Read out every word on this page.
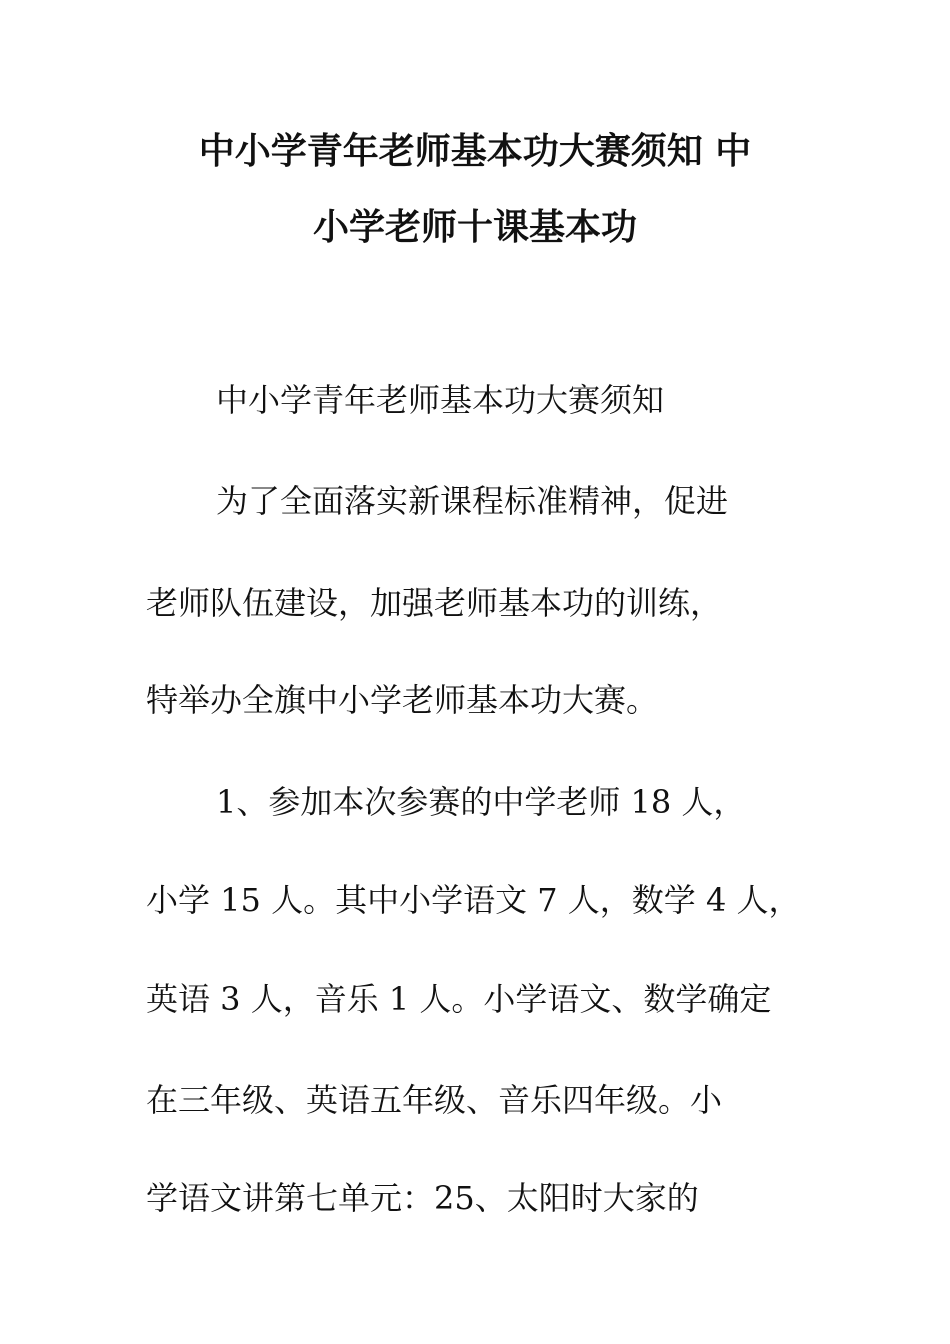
中小学青年老师基本功大赛须知 中
小学老师十课基本功

中小学青年老师基本功大赛须知

为了全面落实新课程标准精神，促进

老师队伍建设，加强老师基本功的训练，

特举办全旗中小学老师基本功大赛。

1、参加本次参赛的中学老师 18 人，

小学 15 人。其中小学语文 7 人，数学 4 人，

英语 3 人，音乐 1 人。小学语文、数学确定

在三年级、英语五年级、音乐四年级。小

学语文讲第七单元：25、太阳时大家的
